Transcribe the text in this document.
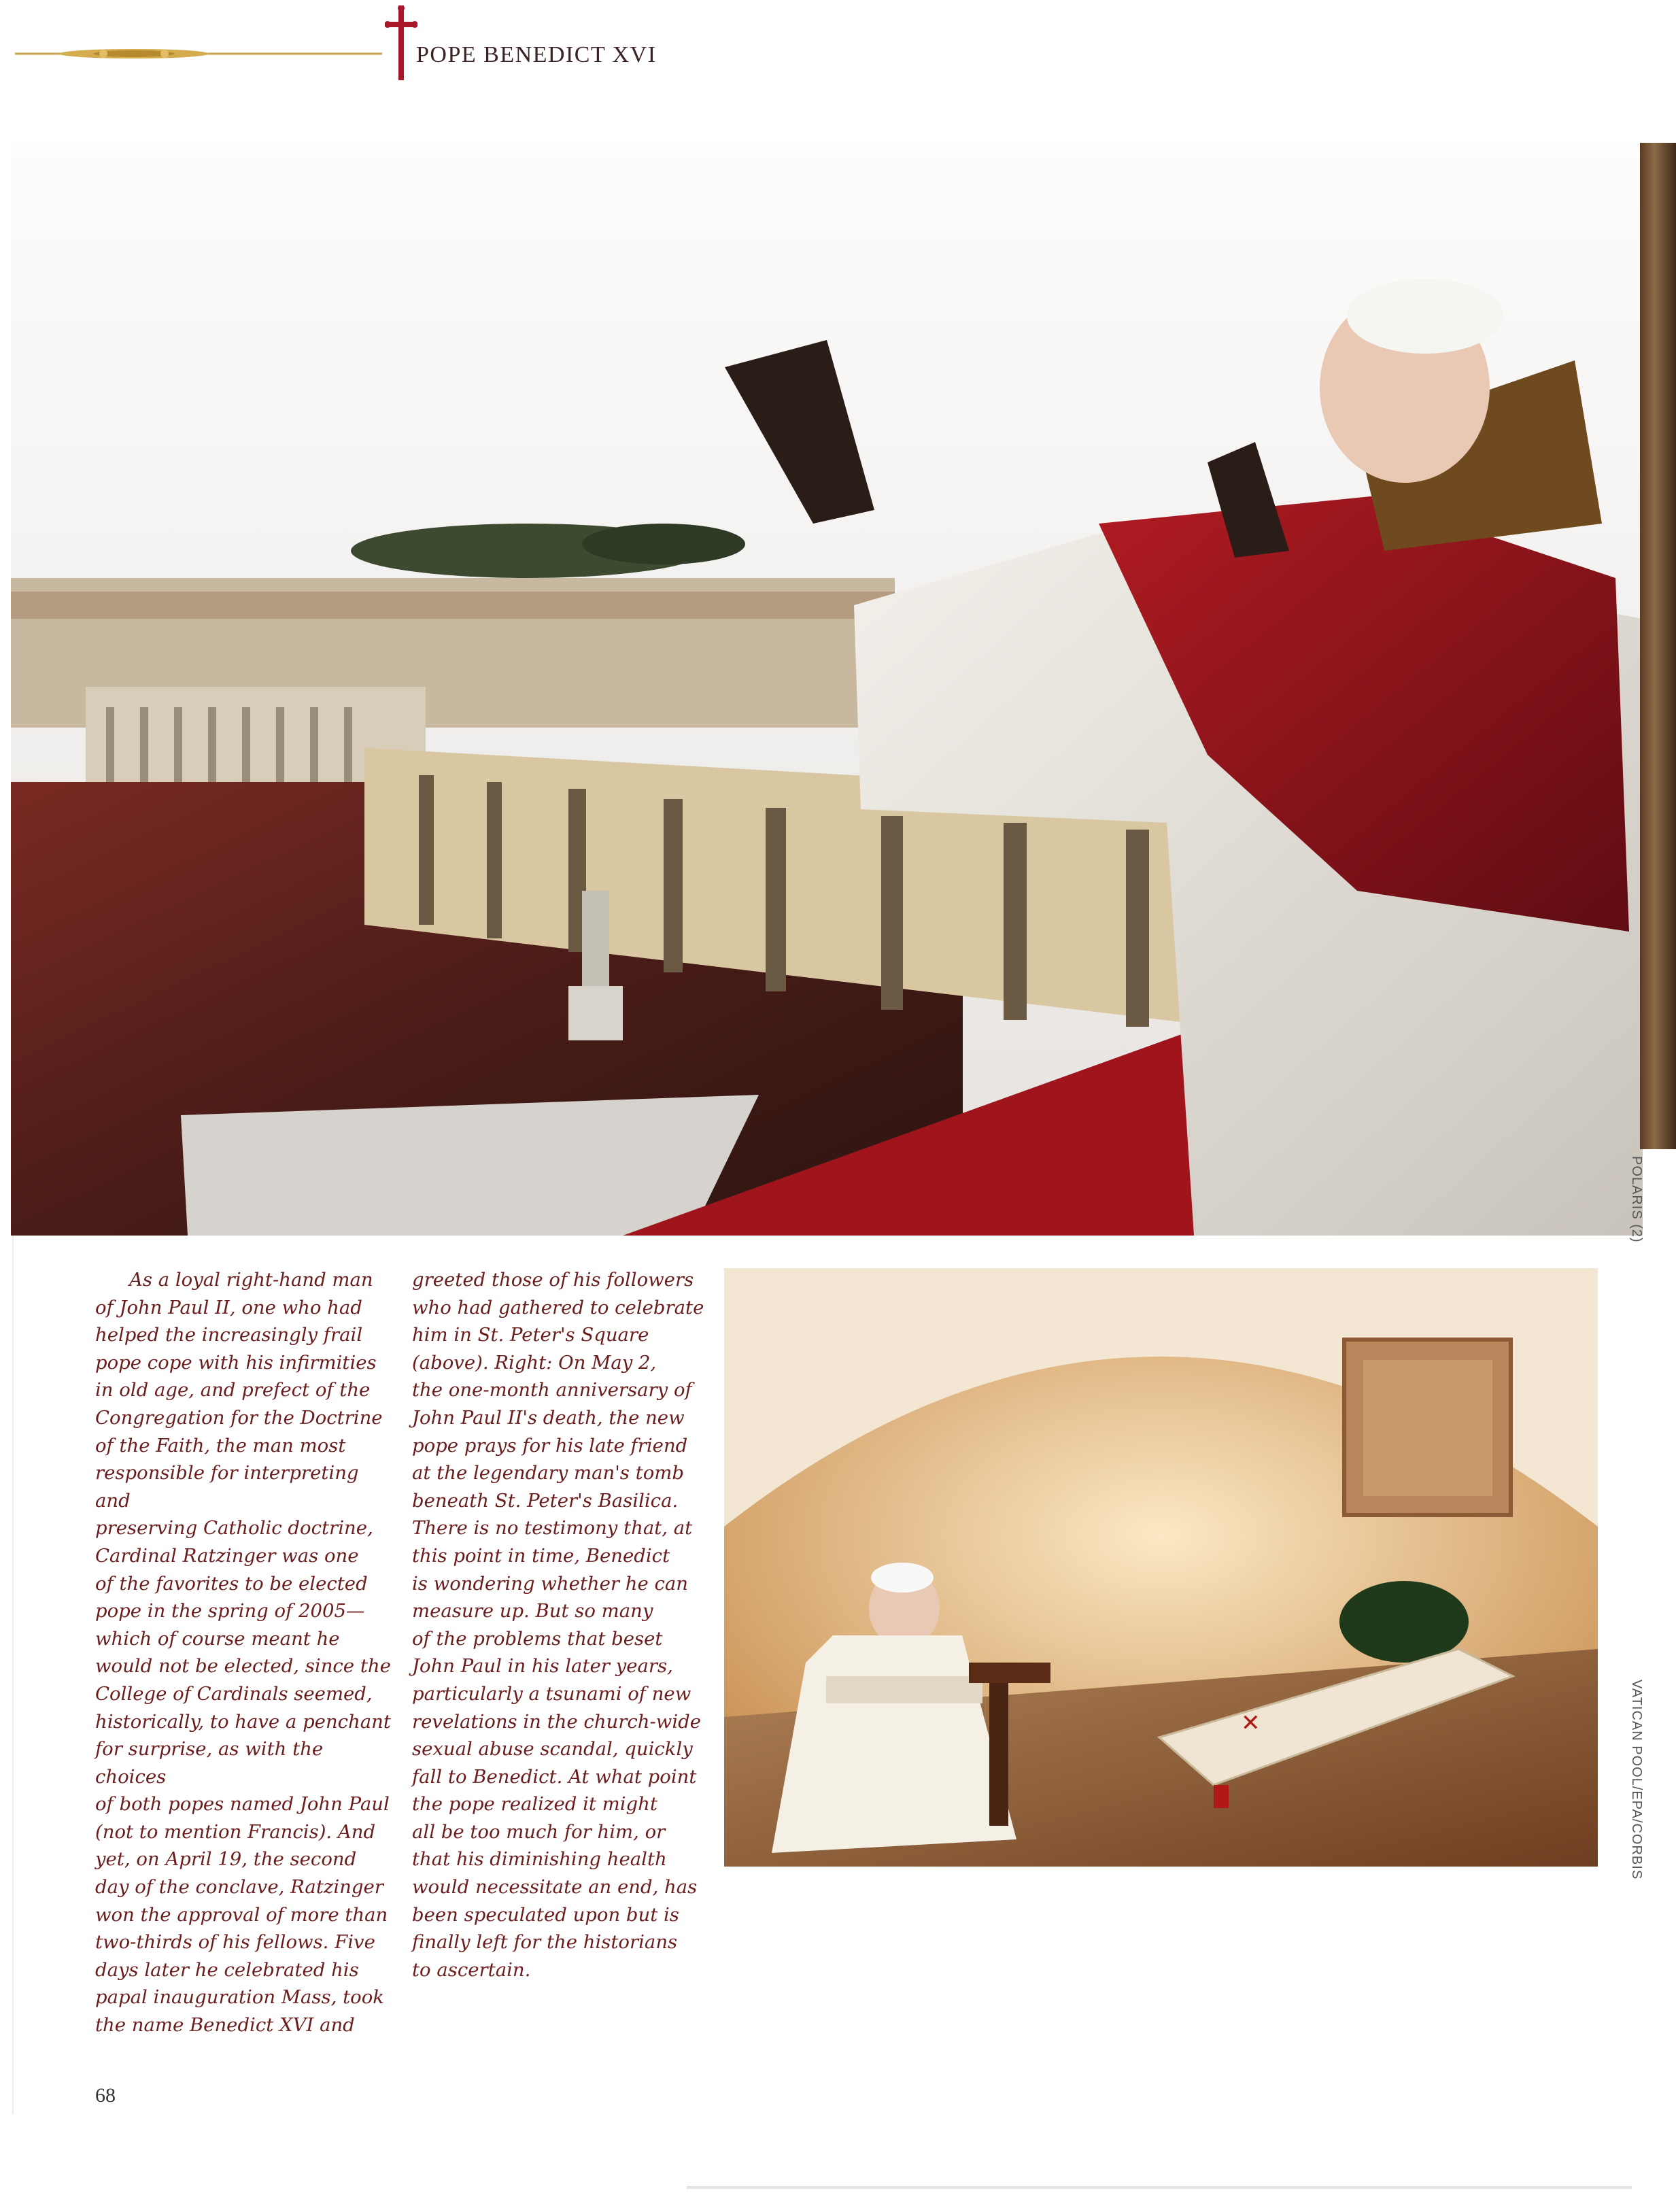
POPE BENEDICT XVI
POLARIS (2)
✕	VATICAN POOL/EPA/CORBIS
As a loyal right-hand man
of John Paul II, one who had
helped the increasingly frail
pope cope with his infirmities
in old age, and prefect of the
Congregation for the Doctrine
of the Faith, the man most
responsible for interpreting and
preserving Catholic doctrine,
Cardinal Ratzinger was one
of the favorites to be elected
pope in the spring of 2005—
which of course meant he
would not be elected, since the
College of Cardinals seemed,
historically, to have a penchant
for surprise, as with the choices
of both popes named John Paul
(not to mention Francis). And
yet, on April 19, the second
day of the conclave, Ratzinger
won the approval of more than
two-thirds of his fellows. Five
days later he celebrated his
papal inauguration Mass, took
the name Benedict XVI and
greeted those of his followers
who had gathered to celebrate
him in St. Peter's Square
(above). Right: On May 2,
the one-month anniversary of
John Paul II's death, the new
pope prays for his late friend
at the legendary man's tomb
beneath St. Peter's Basilica.
There is no testimony that, at
this point in time, Benedict
is wondering whether he can
measure up. But so many
of the problems that beset
John Paul in his later years,
particularly a tsunami of new
revelations in the church-wide
sexual abuse scandal, quickly
fall to Benedict. At what point
the pope realized it might
all be too much for him, or
that his diminishing health
would necessitate an end, has
been speculated upon but is
finally left for the historians
to ascertain.
68
